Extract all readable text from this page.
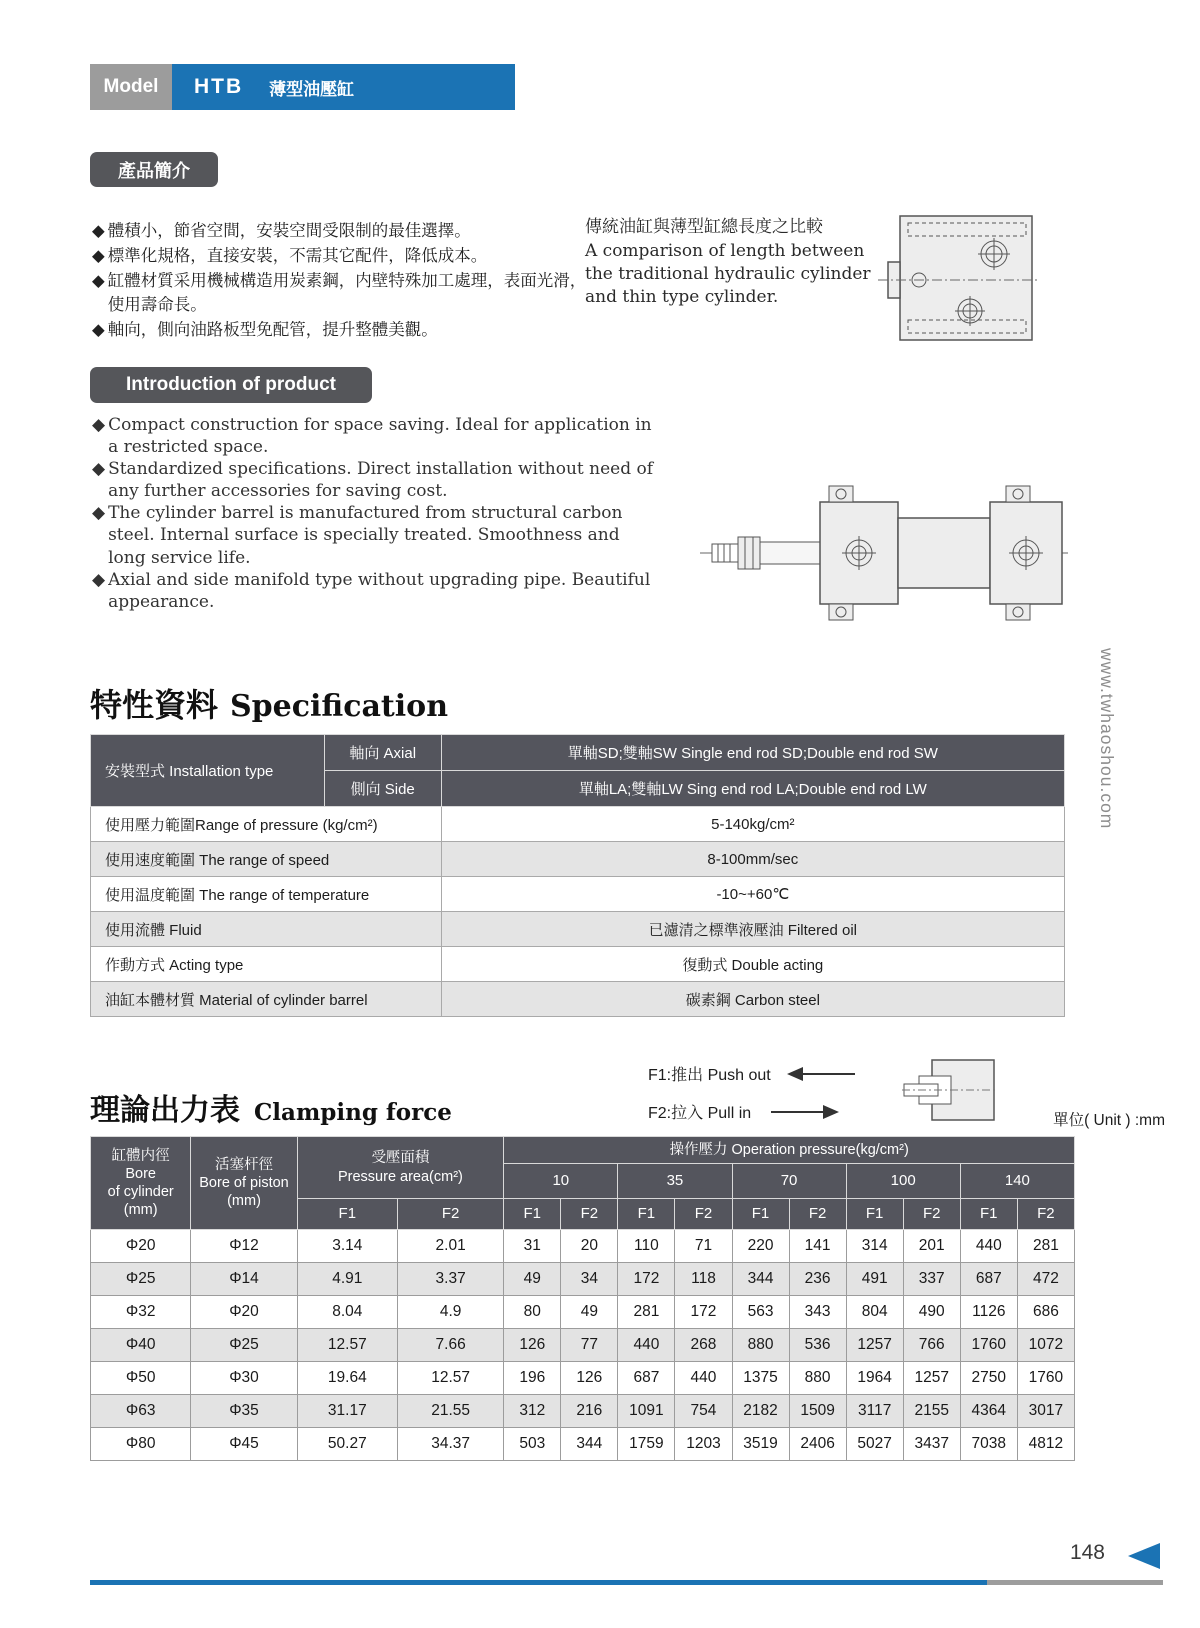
Model	HTB 薄型油壓缸
產品簡介
◆ 體積小，節省空間，安裝空間受限制的最佳選擇。
◆ 標準化規格，直接安裝，不需其它配件，降低成本。
◆ 缸體材質采用機械構造用炭素鋼，内壁特殊加工處理，表面光滑，使用壽命長。
◆ 軸向，側向油路板型免配管，提升整體美觀。
傳統油缸與薄型缸總長度之比較
A comparison of length between the traditional hydraulic cylinder and thin type cylinder.
Introduction of product
◆ Compact construction for space saving. Ideal for application in a restricted space.
◆ Standardized specifications. Direct installation without need of any further accessories for saving cost.
◆ The cylinder barrel is manufactured from structural carbon steel. Internal surface is specially treated. Smoothness and long service life.
◆ Axial and side manifold type without upgrading pipe. Beautiful appearance.
www.twhaoshou.com
特性資料 Specification
安裝型式 Installation type	軸向 Axial	單軸SD;雙軸SW Single end rod SD;Double end rod SW
	側向 Side	單軸LA;雙軸LW Sing end rod LA;Double end rod LW
使用壓力範圍Range of pressure (kg/cm²)		5-140kg/cm²
使用速度範圍 The range of speed		8-100mm/sec
使用温度範圍 The range of temperature		-10~+60℃
使用流體 Fluid		已濾清之標準液壓油 Filtered oil
作動方式 Acting type		復動式 Double acting
油缸本體材質 Material of cylinder barrel		碳素鋼 Carbon steel
理論出力表 Clamping force
F1:推出 Push out
F2:拉入 Pull in	單位( Unit ) :mm
缸體内徑
Bore
of cylinder
(mm)

活塞杆徑
Bore of piston
(mm)

受壓面積
Pressure area(cm²)
	操作壓力 Operation pressure(kg/cm²)
				10		35		70		100		140	
		F1	F2	F1	F2	F1	F2	F1	F2	F1	F2	F1	F2
Φ20	Φ12	3.14	2.01	31	20	110	71	220	141	314	201	440	281
Φ25	Φ14	4.91	3.37	49	34	172	118	344	236	491	337	687	472
Φ32	Φ20	8.04	4.9	80	49	281	172	563	343	804	490	1126	686
Φ40	Φ25	12.57	7.66	126	77	440	268	880	536	1257	766	1760	1072
Φ50	Φ30	19.64	12.57	196	126	687	440	1375	880	1964	1257	2750	1760
Φ63	Φ35	31.17	21.55	312	216	1091	754	2182	1509	3117	2155	4364	3017
Φ80	Φ45	50.27	34.37	503	344	1759	1203	3519	2406	5027	3437	7038	4812
148
